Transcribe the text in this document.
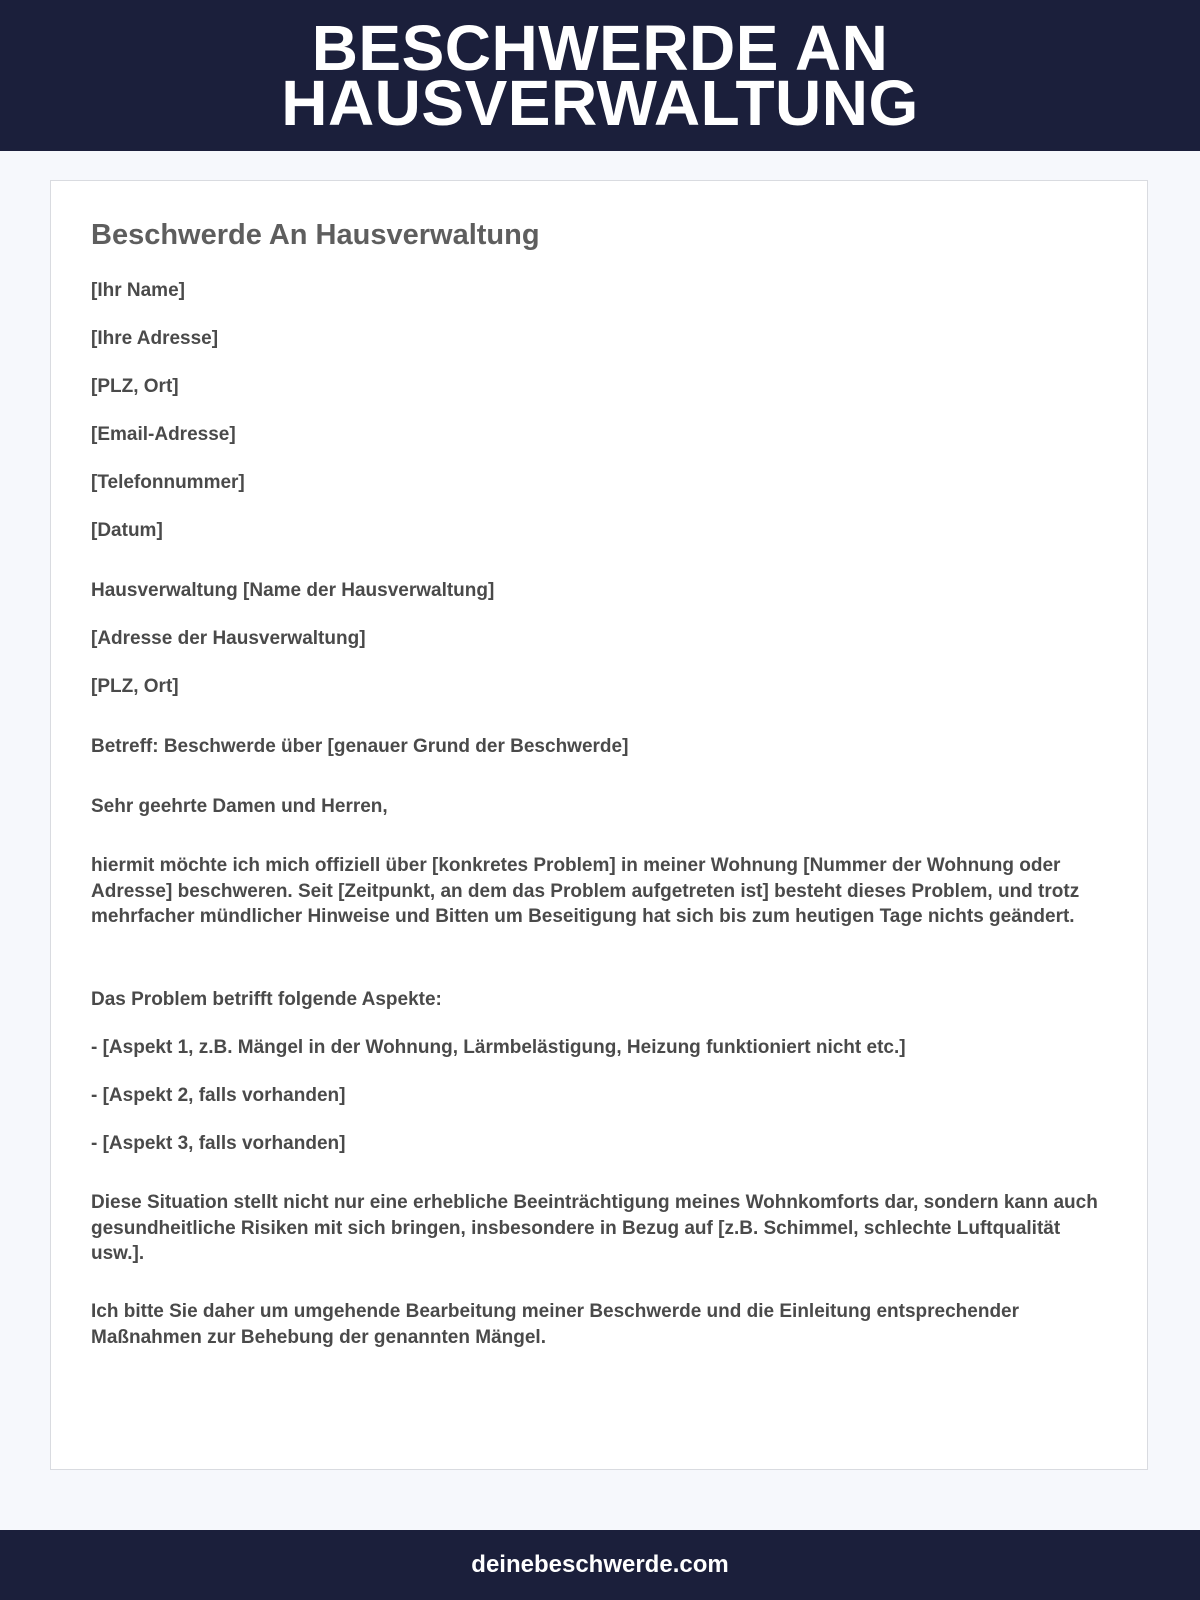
BESCHWERDE AN HAUSVERWALTUNG
Beschwerde An Hausverwaltung

[Ihr Name]

[Ihre Adresse]

[PLZ, Ort]

[Email-Adresse]

[Telefonnummer]

[Datum]

Hausverwaltung [Name der Hausverwaltung]

[Adresse der Hausverwaltung]

[PLZ, Ort]

Betreff: Beschwerde über [genauer Grund der Beschwerde]

Sehr geehrte Damen und Herren,

hiermit möchte ich mich offiziell über [konkretes Problem] in meiner Wohnung [Nummer der Wohnung oder Adresse] beschweren. Seit [Zeitpunkt, an dem das Problem aufgetreten ist] besteht dieses Problem, und trotz mehrfacher mündlicher Hinweise und Bitten um Beseitigung hat sich bis zum heutigen Tage nichts geändert.

Das Problem betrifft folgende Aspekte:

- [Aspekt 1, z.B. Mängel in der Wohnung, Lärmbelästigung, Heizung funktioniert nicht etc.]

- [Aspekt 2, falls vorhanden]

- [Aspekt 3, falls vorhanden]

Diese Situation stellt nicht nur eine erhebliche Beeinträchtigung meines Wohnkomforts dar, sondern kann auch gesundheitliche Risiken mit sich bringen, insbesondere in Bezug auf [z.B. Schimmel, schlechte Luftqualität usw.].

Ich bitte Sie daher um umgehende Bearbeitung meiner Beschwerde und die Einleitung entsprechender Maßnahmen zur Behebung der genannten Mängel.

deinebeschwerde.com
